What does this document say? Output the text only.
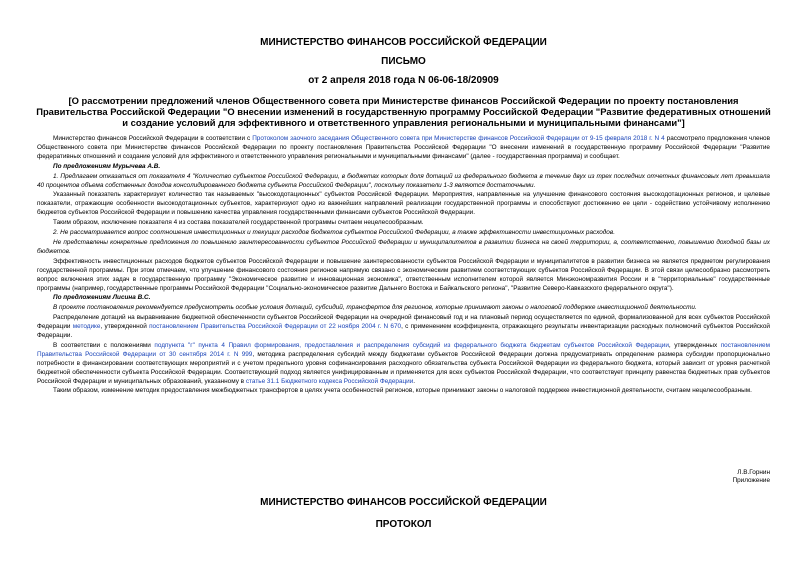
МИНИСТЕРСТВО ФИНАНСОВ РОССИЙСКОЙ ФЕДЕРАЦИИ
ПИСЬМО
от 2 апреля 2018 года N 06-06-18/20909
[О рассмотрении предложений членов Общественного совета при Министерстве финансов Российской Федерации по проекту постановления Правительства Российской Федерации "О внесении изменений в государственную программу Российской Федерации "Развитие федеративных отношений и создание условий для эффективного и ответственного управления региональными и муниципальными финансами"]

Министерство финансов Российской Федерации в соответствии с Протоколом заочного заседания Общественного совета при Министерстве финансов Российской Федерации от 9-15 февраля 2018 г. N 4 рассмотрело предложения членов Общественного совета при Министерстве финансов Российской Федерации по проекту постановления Правительства Российской Федерации "О внесении изменений в государственную программу Российской Федерации "Развитие федеративных отношений и создание условий для эффективного и ответственного управления региональными и муниципальными финансами" (далее - государственная программа) и сообщает.

По предложениям Мурычева А.В.

1. Предлагаем отказаться от показателя 4 "Количество субъектов Российской Федерации, в бюджетах которых доля дотаций из федерального бюджета в течение двух из трех последних отчетных финансовых лет превышала 40 процентов объема собственных доходов консолидированного бюджета субъекта Российской Федерации", поскольку показатели 1-3 являются достаточными.

Указанный показатель характеризует количество так называемых "высокодотационных" субъектов Российской Федерации. Мероприятия, направленные на улучшение финансового состояния высокодотационных регионов, и целевые показатели, отражающие особенности высокодотационных субъектов, характеризуют одно из важнейших направлений реализации государственной программы и способствуют достижению ее цели - содействию устойчивому исполнению бюджетов субъектов Российской Федерации и повышению качества управления государственными финансами субъектов Российской Федерации.

Таким образом, исключение показателя 4 из состава показателей государственной программы считаем нецелесообразным.

2. Не рассматривается вопрос соотношения инвестиционных и текущих расходов бюджетов субъектов Российской Федерации, а также эффективности инвестиционных расходов.

Не представлены конкретные предложения по повышению заинтересованности субъектов Российской Федерации и муниципалитетов в развитии бизнеса на своей территории, а, соответственно, повышению доходной базы их бюджетов.

Эффективность инвестиционных расходов бюджетов субъектов Российской Федерации и повышение заинтересованности субъектов Российской Федерации и муниципалитетов в развитии бизнеса не является предметом регулирования государственной программы. При этом отмечаем, что улучшение финансового состояния регионов напрямую связано с экономическим развитием соответствующих субъектов Российской Федерации. В этой связи целесообразно рассмотреть вопрос включения этих задач в государственную программу "Экономическое развитие и инновационная экономика", ответственным исполнителем которой является Минэкономразвития России и в "территориальные" государственные программы (например, государственные программы Российской Федерации "Социально-экономическое развитие Дальнего Востока и Байкальского региона", "Развитие Северо-Кавказского федерального округа").

По предложениям Лисина В.С.

В проекте постановления рекомендуется предусмотреть особые условия дотаций, субсидий, трансфертов для регионов, которые принимают законы о налоговой поддержке инвестиционной деятельности.

Распределение дотаций на выравнивание бюджетной обеспеченности субъектов Российской Федерации на очередной финансовый год и на плановый период осуществляется по единой, формализованной для всех субъектов Российской Федерации методике, утвержденной постановлением Правительства Российской Федерации от 22 ноября 2004 г. N 670, с применением коэффициента, отражающего результаты инвентаризации расходных полномочий субъектов Российской Федерации.

В соответствии с положениями подпункта "г" пункта 4 Правил формирования, предоставления и распределения субсидий из федерального бюджета бюджетам субъектов Российской Федерации, утвержденных постановлением Правительства Российской Федерации от 30 сентября 2014 г. N 999, методика распределения субсидий между бюджетами субъектов Российской Федерации должна предусматривать определение размера субсидии пропорционально потребности в финансировании соответствующих мероприятий и с учетом предельного уровня софинансирования расходного обязательства субъекта Российской Федерации из федерального бюджета, который зависит от уровня расчетной бюджетной обеспеченности субъекта Российской Федерации. Соответствующий подход является унифицированным и применяется для всех субъектов Российской Федерации, что соответствует принципу равенства бюджетных прав субъектов Российской Федерации и муниципальных образований, указанному в статье 31.1 Бюджетного кодекса Российской Федерации.

Таким образом, изменение методик предоставления межбюджетных трансфертов в целях учета особенностей регионов, которые принимают законы о налоговой поддержке инвестиционной деятельности, считаем нецелесообразным.

Л.В.Горнин
Приложение
МИНИСТЕРСТВО ФИНАНСОВ РОССИЙСКОЙ ФЕДЕРАЦИИ
ПРОТОКОЛ
